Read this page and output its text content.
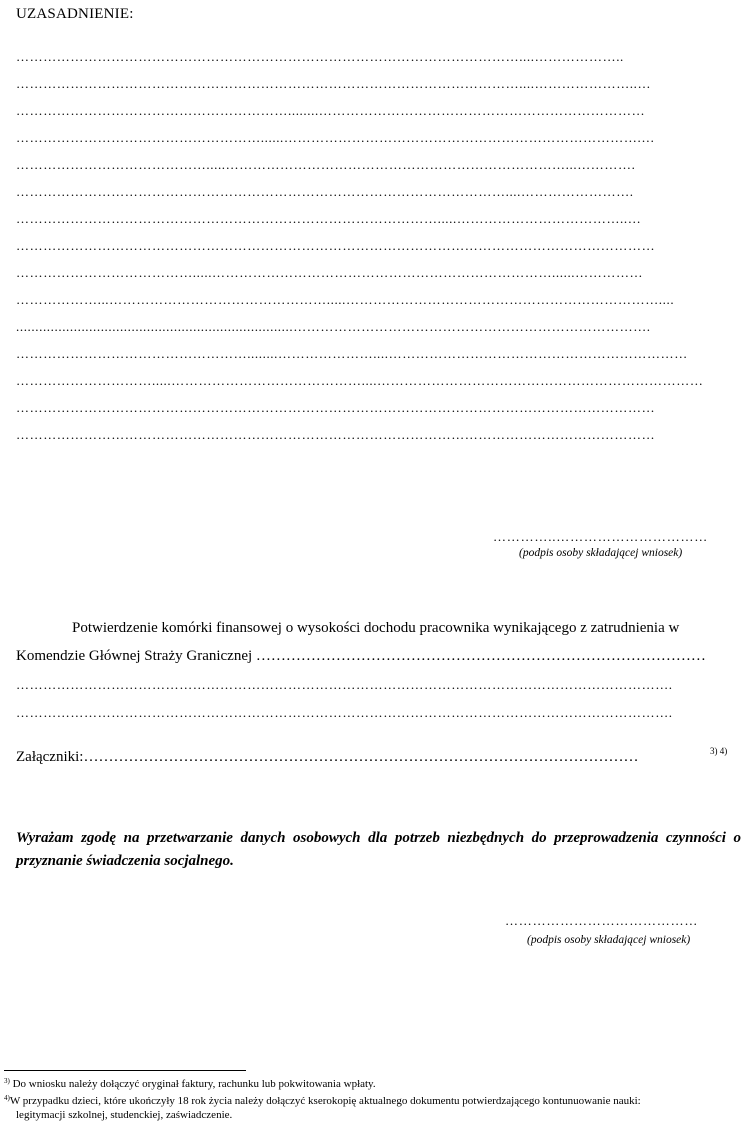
UZASADNIENIE:
…………………………………………………………………………………………………....………………..
…………………………………………………………………………………………………....…………………..…
……………………………………………………........………………………………………………………………
………………………………………………......…………………………………………………………………….…
…………………………………….....…………………………………………………………………...………….
………………………………………………………………………………………………....…………………….
………………………………………………………………………………….....………………………………..…
……………………………………………………………………………………………………………………………
………………………………….....…………………………………………………………………......……………
………………...………………………………………….....……………………………………………………………....
........................................................................…………………………………………………………………….
……………………………………………........…………………....…………………………………………………………
………………………….....……………………………………....………………………………………………………………
……………………………………………………………………………………………………………………………
……………………………………………………………………………………………………………………………
…………..……………………………
(podpis osoby składającej wniosek)
Potwierdzenie komórki finansowej o wysokości dochodu pracownika wynikającego z zatrudnienia w
Komendzie Głównej Straży Granicznej ………………………………………………………………………………
……………………………………………………………………………………………………………………………….
……………………………………………………………………………………………………………………………….
Załączniki:…………………………………………………………………………………………………	3) 4)
Wyrażam zgodę na przetwarzanie danych osobowych dla potrzeb niezbędnych do przeprowadzenia czynności o przyznanie świadczenia socjalnego.
……………………………………
(podpis osoby składającej wniosek)
$^{3)}$ Do wniosku należy dołączyć oryginał faktury, rachunku lub pokwitowania wpłaty.
$^{4)}$W przypadku dzieci, które ukończyły 18 rok życia należy dołączyć kserokopię aktualnego dokumentu potwierdzającego kontunuowanie nauki:
legitymacji szkolnej, studenckiej, zaświadczenie.
